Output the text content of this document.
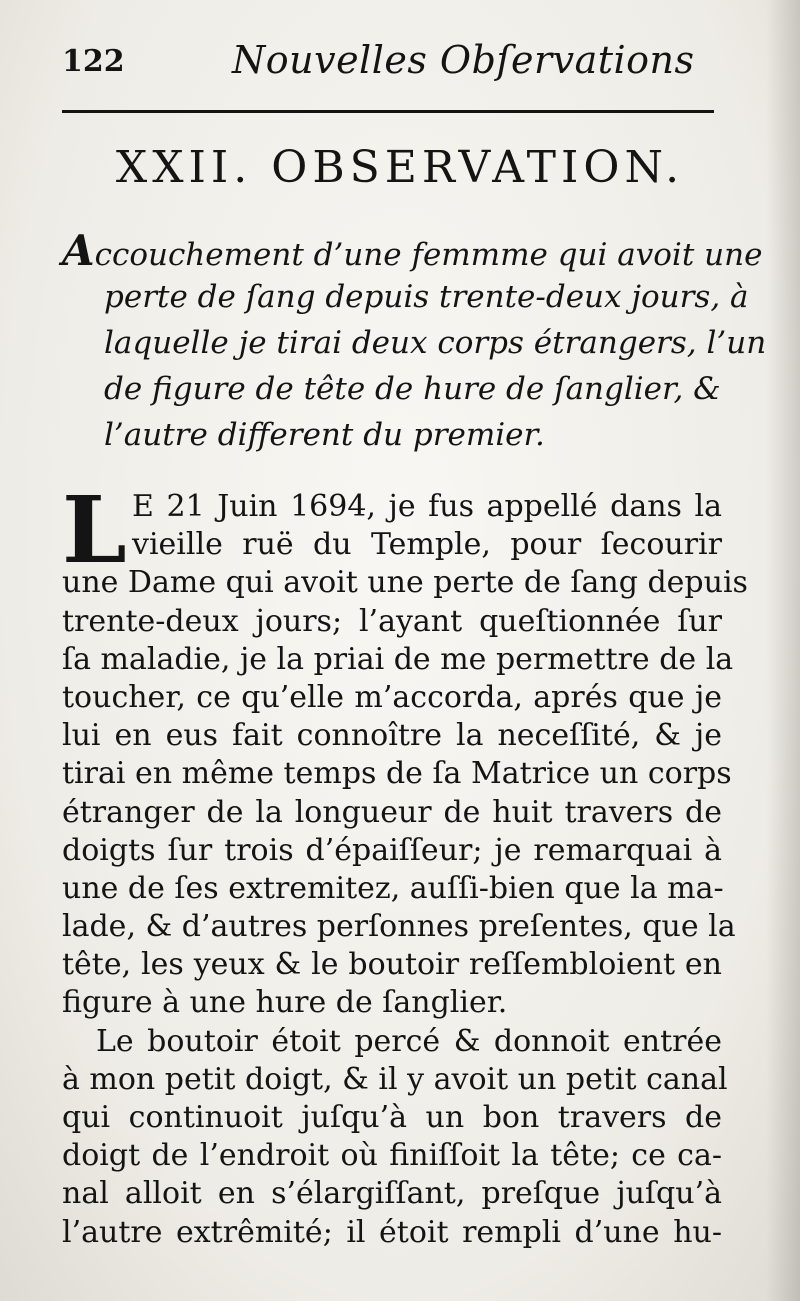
122	Nouvelles Obſervations
XXII. OBSERVATION.
Accouchement d’une femmme qui avoit une
perte de ſang depuis trente-deux jours, à
laquelle je tirai deux corps étrangers, l’un
de figure de tête de hure de ſanglier, &
l’autre different du premier.
L E 21 Juin 1694, je fus appellé dans la
vieille ruë du Temple, pour ſecourir
une Dame qui avoit une perte de ſang depuis
trente-deux jours; l’ayant queſtionnée ſur
ſa maladie, je la priai de me permettre de la
toucher, ce qu’elle m’accorda, aprés que je
lui en eus fait connoître la neceſſité, & je
tirai en même temps de ſa Matrice un corps
étranger de la longueur de huit travers de
doigts ſur trois d’épaiſſeur; je remarquai à
une de ſes extremitez, auſſi-bien que la ma-
lade, & d’autres perſonnes preſentes, que la
tête, les yeux & le boutoir reſſembloient en
figure à une hure de ſanglier.
Le boutoir étoit percé & donnoit entrée
à mon petit doigt, & il y avoit un petit canal
qui continuoit juſqu’à un bon travers de
doigt de l’endroit où finiſſoit la tête; ce ca-
nal alloit en s’élargiſſant, preſque juſqu’à
l’autre extrêmité; il étoit rempli d’une hu-
